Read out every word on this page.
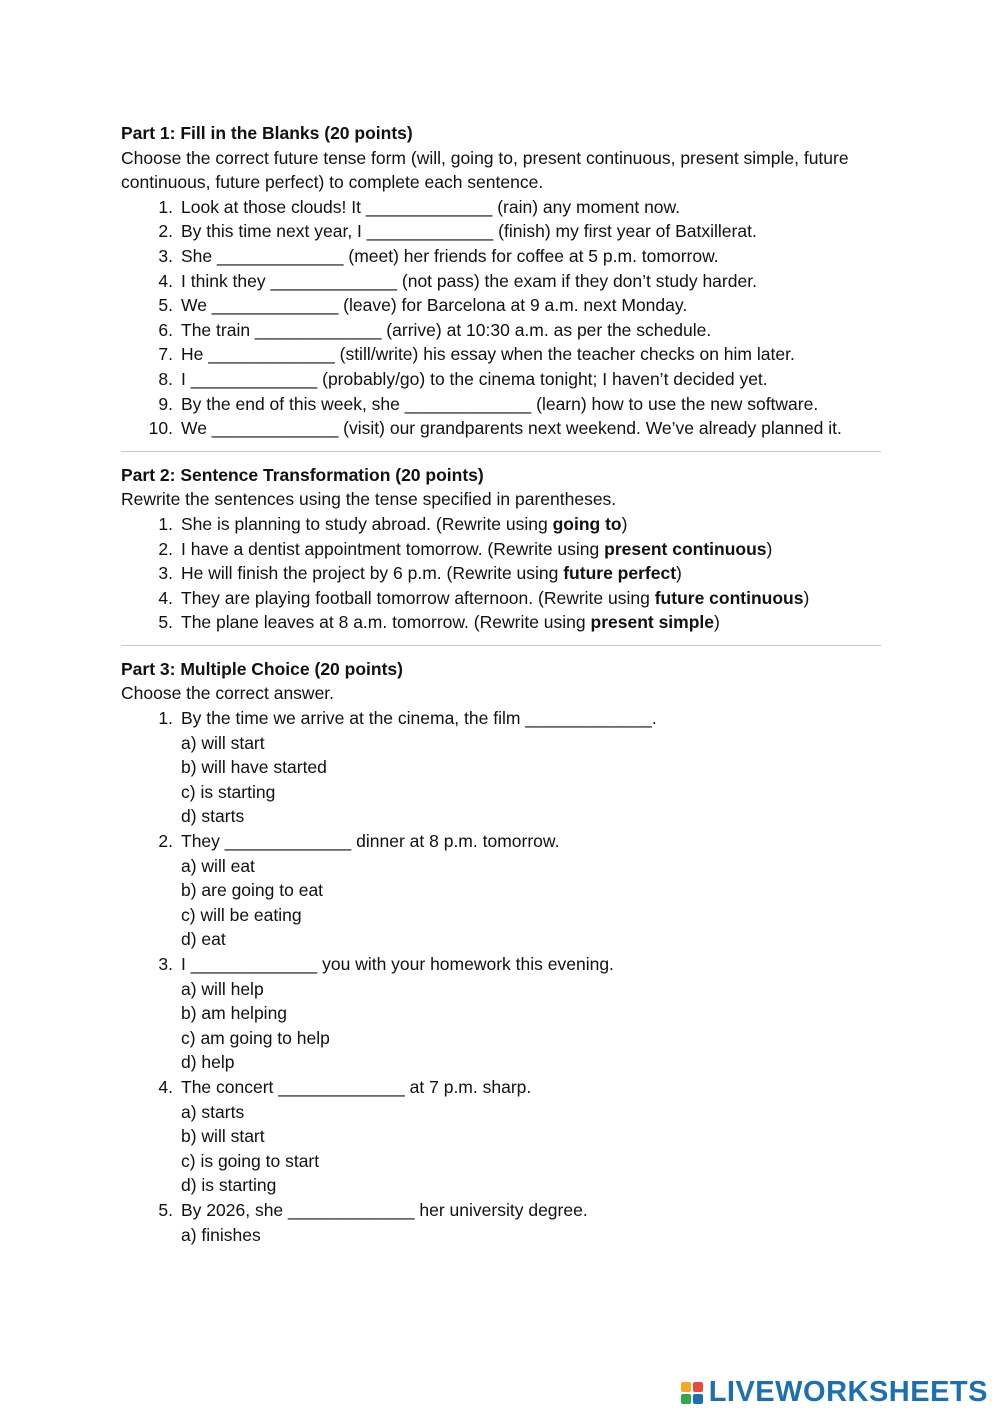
Part 1: Fill in the Blanks (20 points)

Choose the correct future tense form (will, going to, present continuous, present simple, future continuous, future perfect) to complete each sentence.

1. Look at those clouds! It _____________ (rain) any moment now.
2. By this time next year, I _____________ (finish) my first year of Batxillerat.
3. She _____________ (meet) her friends for coffee at 5 p.m. tomorrow.
4. I think they _____________ (not pass) the exam if they don’t study harder.
5. We _____________ (leave) for Barcelona at 9 a.m. next Monday.
6. The train _____________ (arrive) at 10:30 a.m. as per the schedule.
7. He _____________ (still/write) his essay when the teacher checks on him later.
8. I _____________ (probably/go) to the cinema tonight; I haven’t decided yet.
9. By the end of this week, she _____________ (learn) how to use the new software.
10. We _____________ (visit) our grandparents next weekend. We’ve already planned it.

Part 2: Sentence Transformation (20 points)

Rewrite the sentences using the tense specified in parentheses.

1. She is planning to study abroad. (Rewrite using going to)
2. I have a dentist appointment tomorrow. (Rewrite using present continuous)
3. He will finish the project by 6 p.m. (Rewrite using future perfect)
4. They are playing football tomorrow afternoon. (Rewrite using future continuous)
5. The plane leaves at 8 a.m. tomorrow. (Rewrite using present simple)

Part 3: Multiple Choice (20 points)

Choose the correct answer.

1. By the time we arrive at the cinema, the film _____________.
a) will start
b) will have started
c) is starting
d) starts
2. They _____________ dinner at 8 p.m. tomorrow.
a) will eat
b) are going to eat
c) will be eating
d) eat
3. I _____________ you with your homework this evening.
a) will help
b) am helping
c) am going to help
d) help
4. The concert _____________ at 7 p.m. sharp.
a) starts
b) will start
c) is going to start
d) is starting
5. By 2026, she _____________ her university degree.
a) finishes
LIVEWORKSHEETS
